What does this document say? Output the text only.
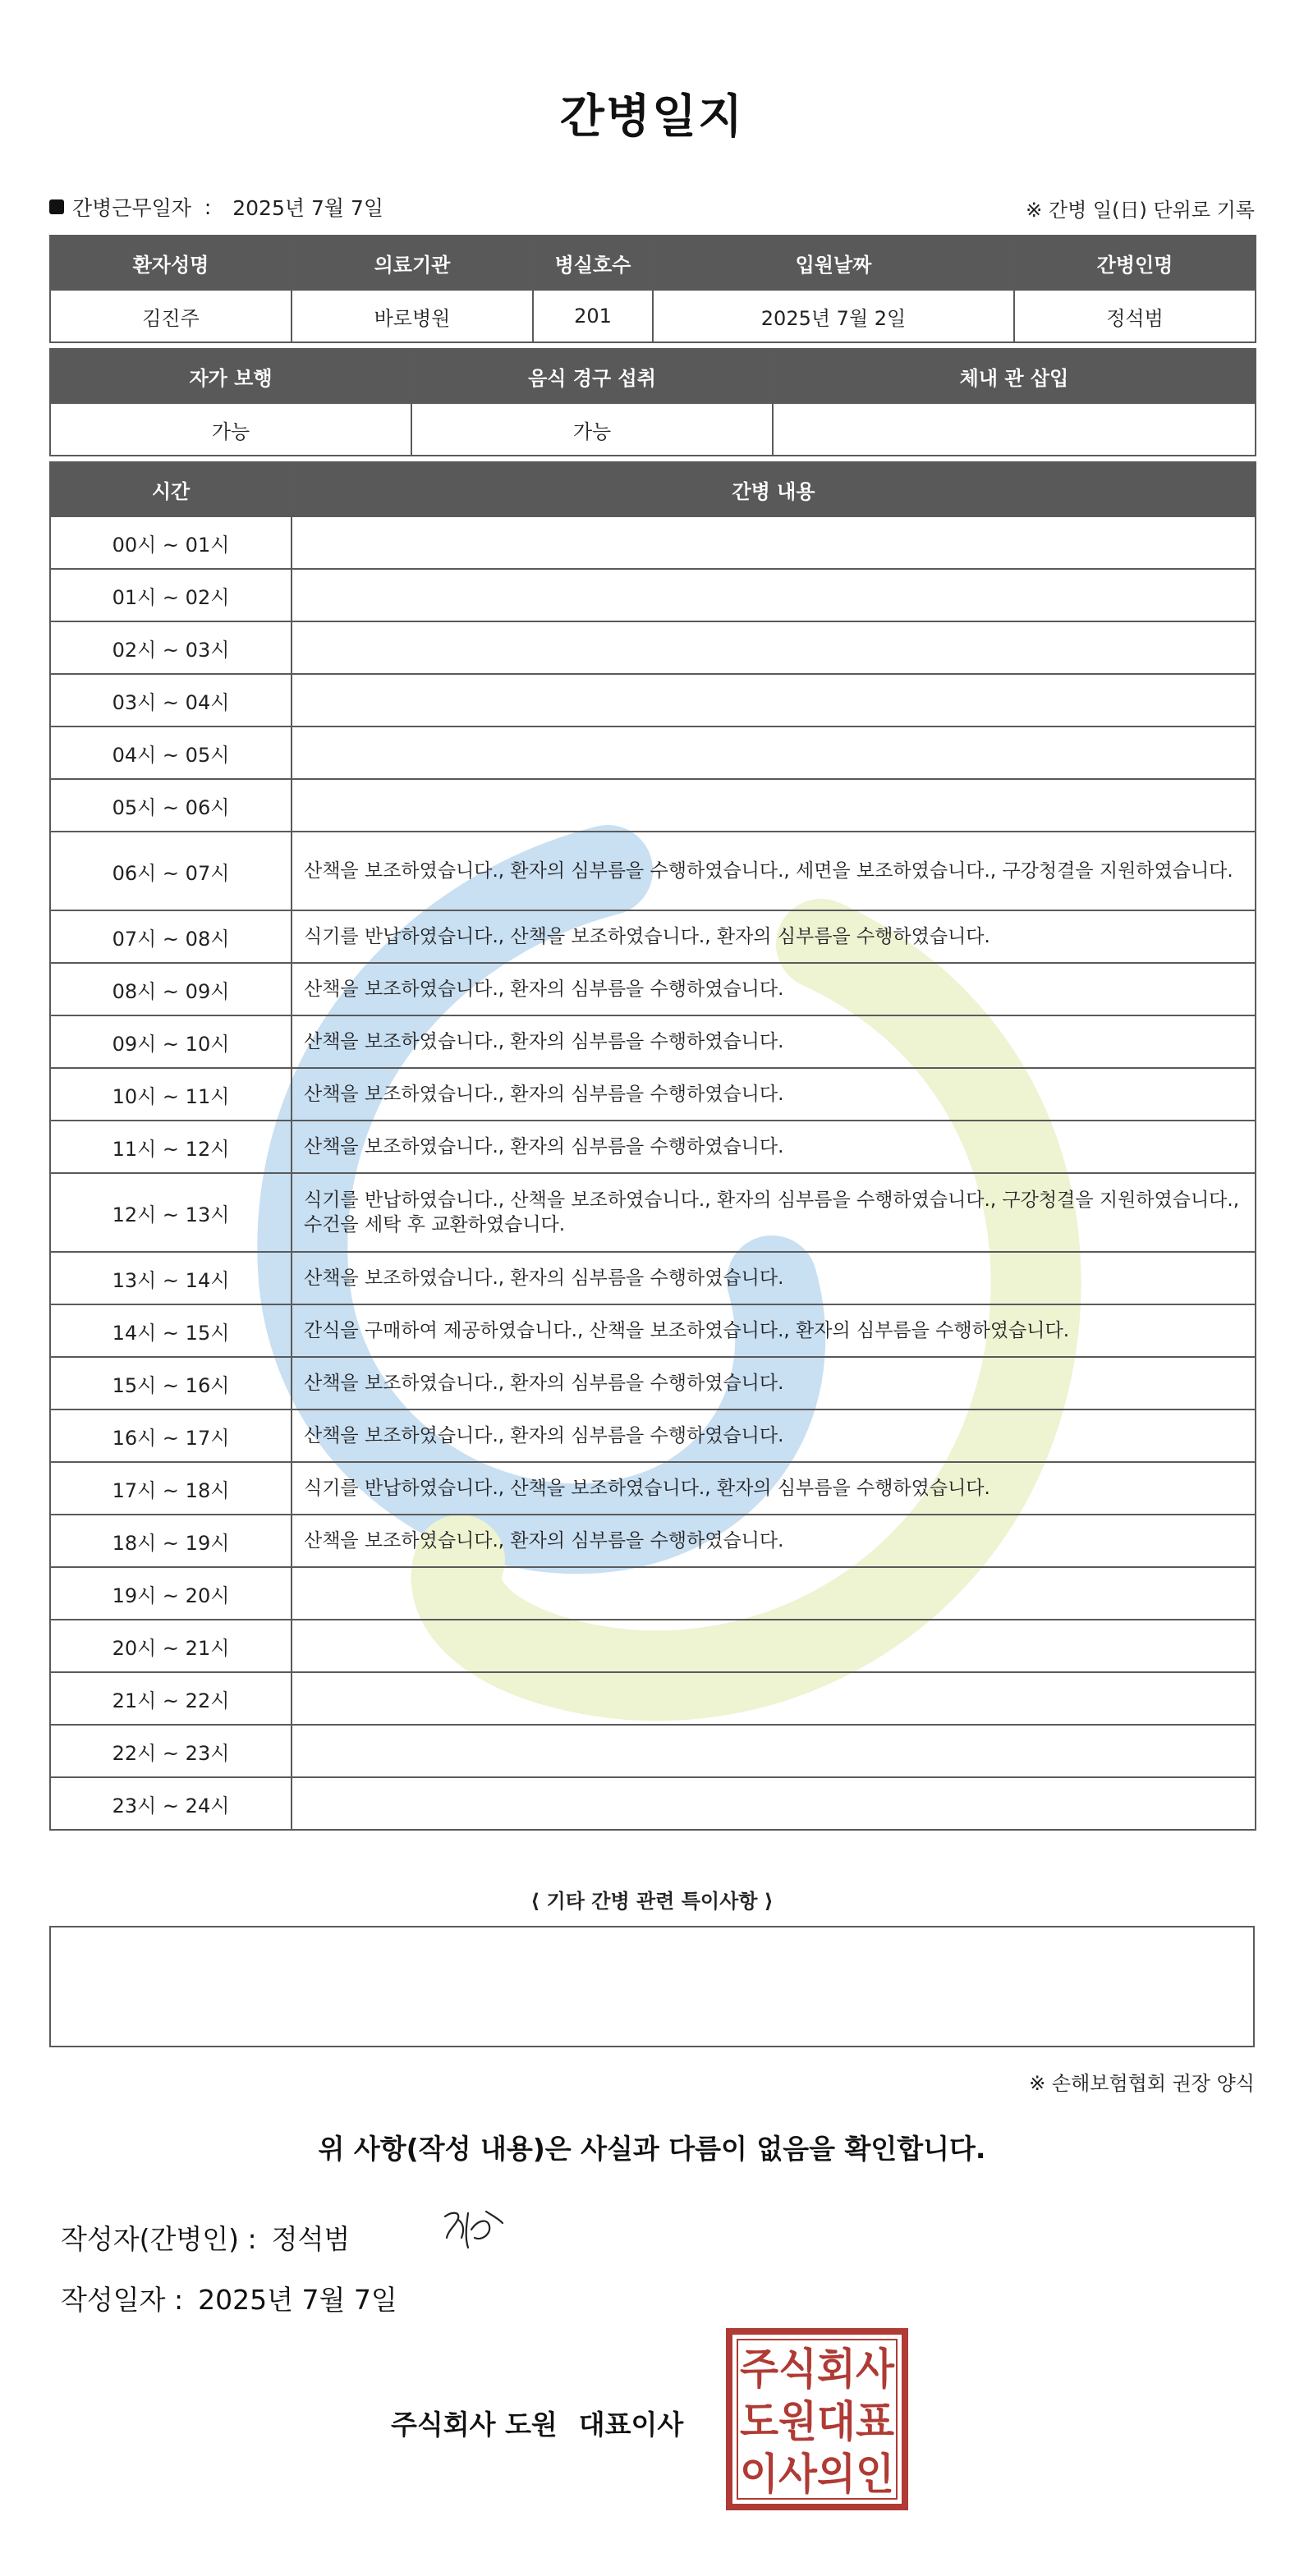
간병일지
간병근무일자
: 2025년 7월 7일	※ 간병 일(日) 단위로 기록
환자성명	의료기관	병실호수	입원날짜	간병인명
김진주	바로병원	201	2025년 7월 2일	정석범
자가 보행	음식 경구 섭취	체내 관 삽입
가능	가능	
시간	간병 내용
00시 ~ 01시	
01시 ~ 02시	
02시 ~ 03시	
03시 ~ 04시	
04시 ~ 05시	
05시 ~ 06시	
06시 ~ 07시	산책을 보조하였습니다., 환자의 심부름을 수행하였습니다., 세면을 보조하였습니다., 구강청결을 지원하였습니다.
07시 ~ 08시	식기를 반납하였습니다., 산책을 보조하였습니다., 환자의 심부름을 수행하였습니다.
08시 ~ 09시	산책을 보조하였습니다., 환자의 심부름을 수행하였습니다.
09시 ~ 10시	산책을 보조하였습니다., 환자의 심부름을 수행하였습니다.
10시 ~ 11시	산책을 보조하였습니다., 환자의 심부름을 수행하였습니다.
11시 ~ 12시	산책을 보조하였습니다., 환자의 심부름을 수행하였습니다.
12시 ~ 13시	식기를 반납하였습니다., 산책을 보조하였습니다., 환자의 심부름을 수행하였습니다., 구강청결을 지원하였습니다., 수건을 세탁 후 교환하였습니다.
13시 ~ 14시	산책을 보조하였습니다., 환자의 심부름을 수행하였습니다.
14시 ~ 15시	간식을 구매하여 제공하였습니다., 산책을 보조하였습니다., 환자의 심부름을 수행하였습니다.
15시 ~ 16시	산책을 보조하였습니다., 환자의 심부름을 수행하였습니다.
16시 ~ 17시	산책을 보조하였습니다., 환자의 심부름을 수행하였습니다.
17시 ~ 18시	식기를 반납하였습니다., 산책을 보조하였습니다., 환자의 심부름을 수행하였습니다.
18시 ~ 19시	산책을 보조하였습니다., 환자의 심부름을 수행하였습니다.
19시 ~ 20시	
20시 ~ 21시	
21시 ~ 22시	
22시 ~ 23시	
23시 ~ 24시	
⟨ 기타 간병 관련 특이사항 ⟩
※ 손해보험협회 권장 양식
위 사항(작성 내용)은 사실과 다름이 없음을 확인합니다.
작성자(간병인) : 정석범
작성일자 : 2025년 7월 7일
주식회사 도원 대표이사
주식회사
도원대표
이사의인
